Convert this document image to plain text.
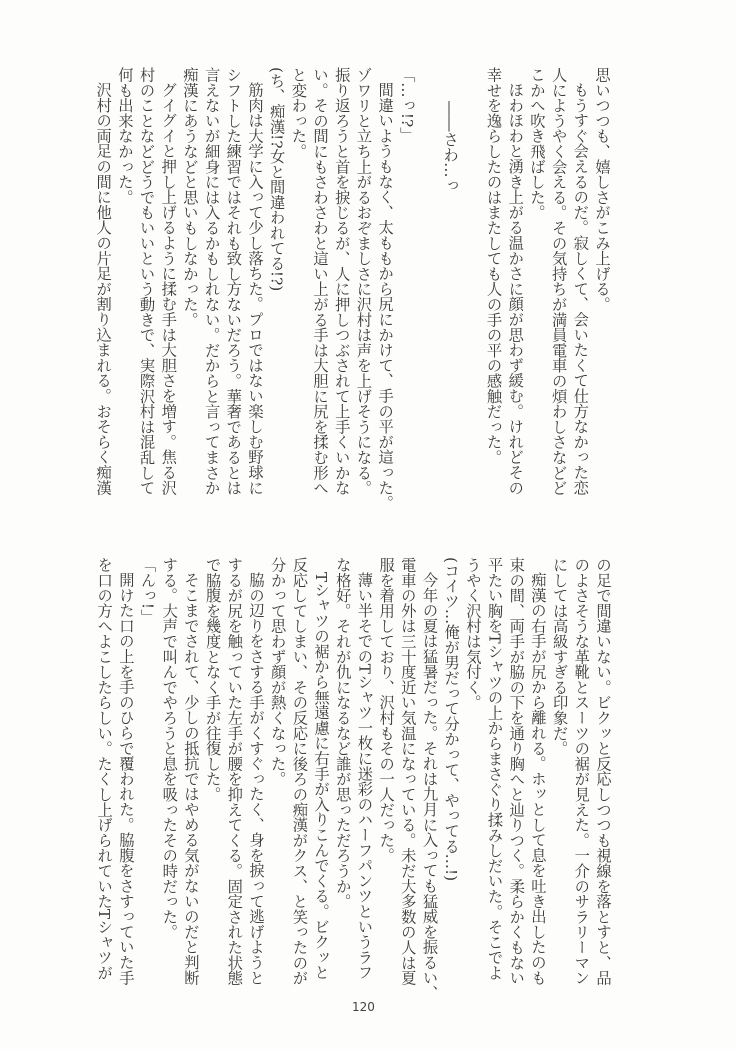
思いつつも、嬉しさがこみ上げる。
もうすぐ会えるのだ。寂しくて、会いたくて仕方なかった恋
人にようやく会える。その気持ちが満員電車の煩わしさなどど
こかへ吹き飛ばした。
ほわほわと湧き上がる温かさに顔が思わず緩む。けれどその
幸せを逸らしたのはまたしても人の手の平の感触だった。
――さわ…っ
「…っ!?」
間違いようもなく、太ももから尻にかけて、手の平が這った。
ゾワリと立ち上がるおぞましさに沢村は声を上げそうになる。
振り返ろうと首を捩じるが、人に押しつぶされて上手くいかな
い。その間にもさわさわと這い上がる手は大胆に尻を揉む形へ
と変わった。
(ち、痴漢!?女と間違われてる!?)
筋肉は大学に入って少し落ちた。プロではない楽しむ野球に
シフトした練習ではそれも致し方ないだろう。華奢であるとは
言えないが細身には入るかもしれない。だからと言ってまさか
痴漢にあうなどと思いもしなかった。
グイグイと押し上げるように揉む手は大胆さを増す。焦る沢
村のことなどどうでもいいという動きで、実際沢村は混乱して
何も出来なかった。
沢村の両足の間に他人の片足が割り込まれる。おそらく痴漢
の足で間違いない。ビクッと反応しつつも視線を落とすと、品
のよさそうな革靴とスーツの裾が見えた。一介のサラリーマン
にしては高級すぎる印象だ。
痴漢の右手が尻から離れる。ホッとして息を吐き出したのも
束の間、両手が脇の下を通り胸へと辿りつく。柔らかくもない
平たい胸をTシャツの上からまさぐり揉みしだいた。そこでよ
うやく沢村は気付く。
(コイツ…俺が男だって分かって、やってる…!)
今年の夏は猛暑だった。それは九月に入っても猛威を振るい、
電車の外は三十度近い気温になっている。未だ大多数の人は夏
服を着用しており、沢村もその一人だった。
薄い半そでのTシャツ一枚に迷彩のハーフパンツというラフ
な格好。それが仇になるなど誰が思っただろうか。
Tシャツの裾から無遠慮に右手が入りこんでくる。ビクッと
反応してしまい、その反応に後ろの痴漢がクス、と笑ったのが
分かって思わず顔が熱くなった。
脇の辺りをさする手がくすぐったく、身を捩って逃げようと
するが尻を触っていた左手が腰を抑えてくる。固定された状態
で脇腹を幾度となく手が往復した。
そこまでされて、少しの抵抗ではやめる気がないのだと判断
する。大声で叫んでやろうと息を吸ったその時だった。
「んっ!」
開けた口の上を手のひらで覆われた。脇腹をさすっていた手
を口の方へよこしたらしい。たくし上げられていたTシャツが
120
